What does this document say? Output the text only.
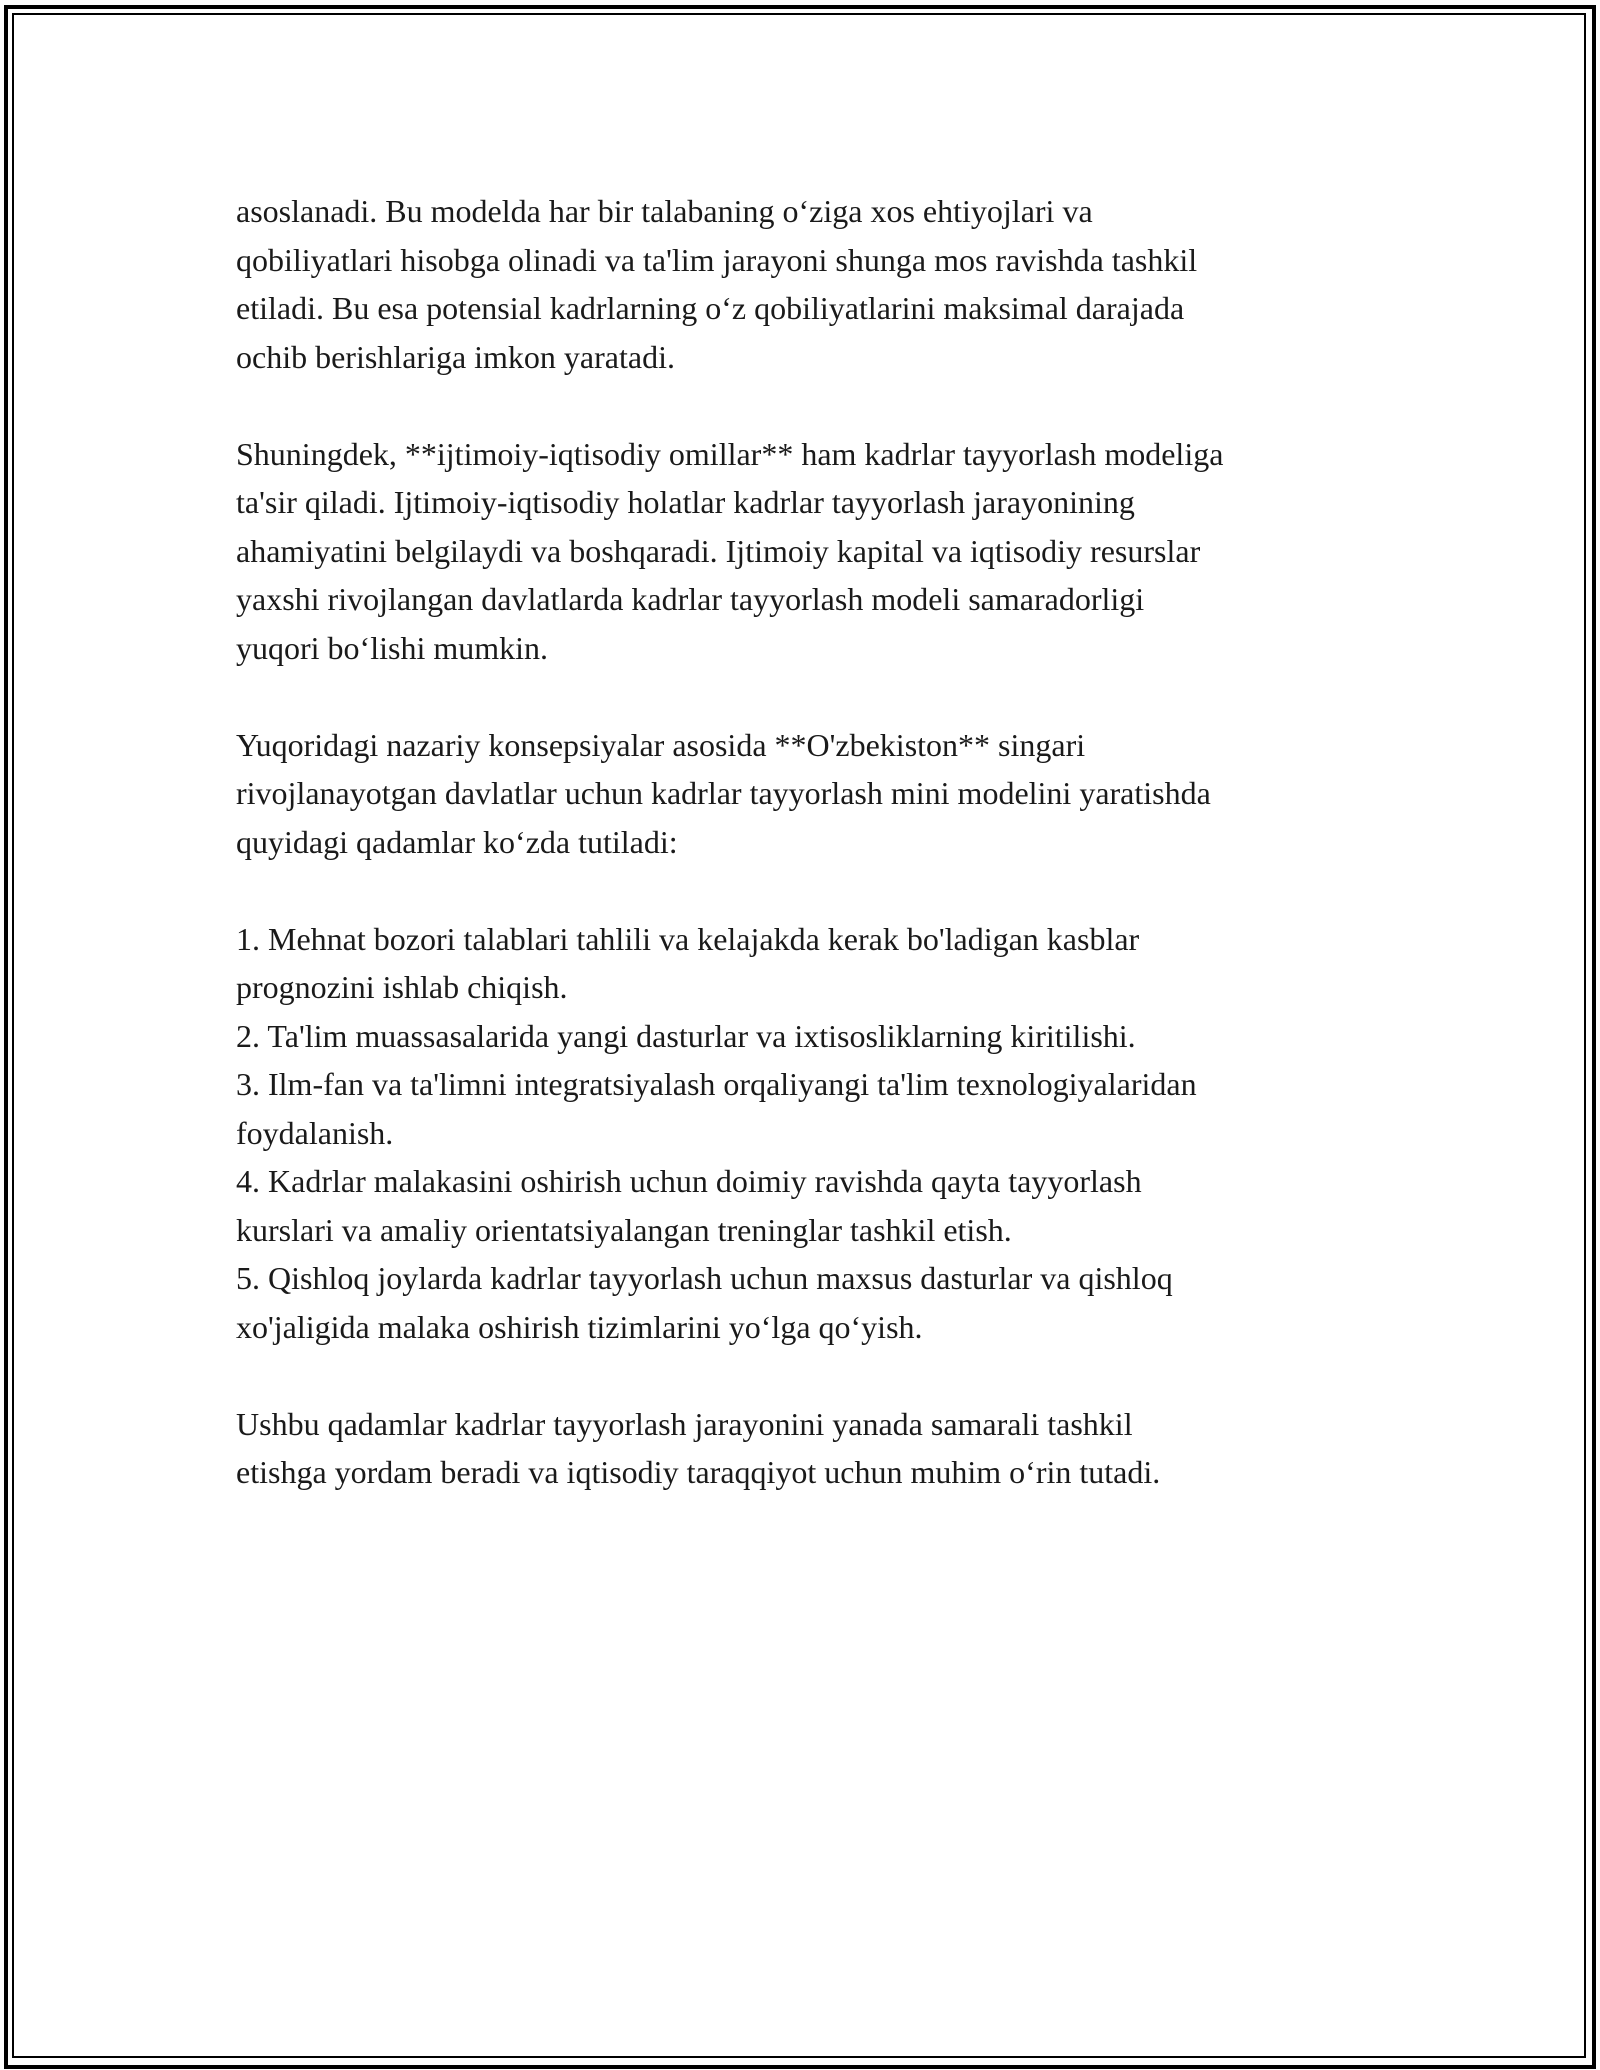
asoslanadi. Bu modelda har bir talabaning o‘ziga xos ehtiyojlari va
qobiliyatlari hisobga olinadi va ta'lim jarayoni shunga mos ravishda tashkil
etiladi. Bu esa potensial kadrlarning o‘z qobiliyatlarini maksimal darajada
ochib berishlariga imkon yaratadi.
Shuningdek, **ijtimoiy-iqtisodiy omillar** ham kadrlar tayyorlash modeliga
ta'sir qiladi. Ijtimoiy-iqtisodiy holatlar kadrlar tayyorlash jarayonining
ahamiyatini belgilaydi va boshqaradi. Ijtimoiy kapital va iqtisodiy resurslar
yaxshi rivojlangan davlatlarda kadrlar tayyorlash modeli samaradorligi
yuqori bo‘lishi mumkin.
Yuqoridagi nazariy konsepsiyalar asosida **O'zbekiston** singari
rivojlanayotgan davlatlar uchun kadrlar tayyorlash mini modelini yaratishda
quyidagi qadamlar ko‘zda tutiladi:
1. Mehnat bozori talablari tahlili va kelajakda kerak bo'ladigan kasblar
prognozini ishlab chiqish.
2. Ta'lim muassasalarida yangi dasturlar va ixtisosliklarning kiritilishi.
3. Ilm-fan va ta'limni integratsiyalash orqaliyangi ta'lim texnologiyalaridan
foydalanish.
4. Kadrlar malakasini oshirish uchun doimiy ravishda qayta tayyorlash
kurslari va amaliy orientatsiyalangan treninglar tashkil etish.
5. Qishloq joylarda kadrlar tayyorlash uchun maxsus dasturlar va qishloq
xo'jaligida malaka oshirish tizimlarini yo‘lga qo‘yish.
Ushbu qadamlar kadrlar tayyorlash jarayonini yanada samarali tashkil
etishga yordam beradi va iqtisodiy taraqqiyot uchun muhim o‘rin tutadi.
